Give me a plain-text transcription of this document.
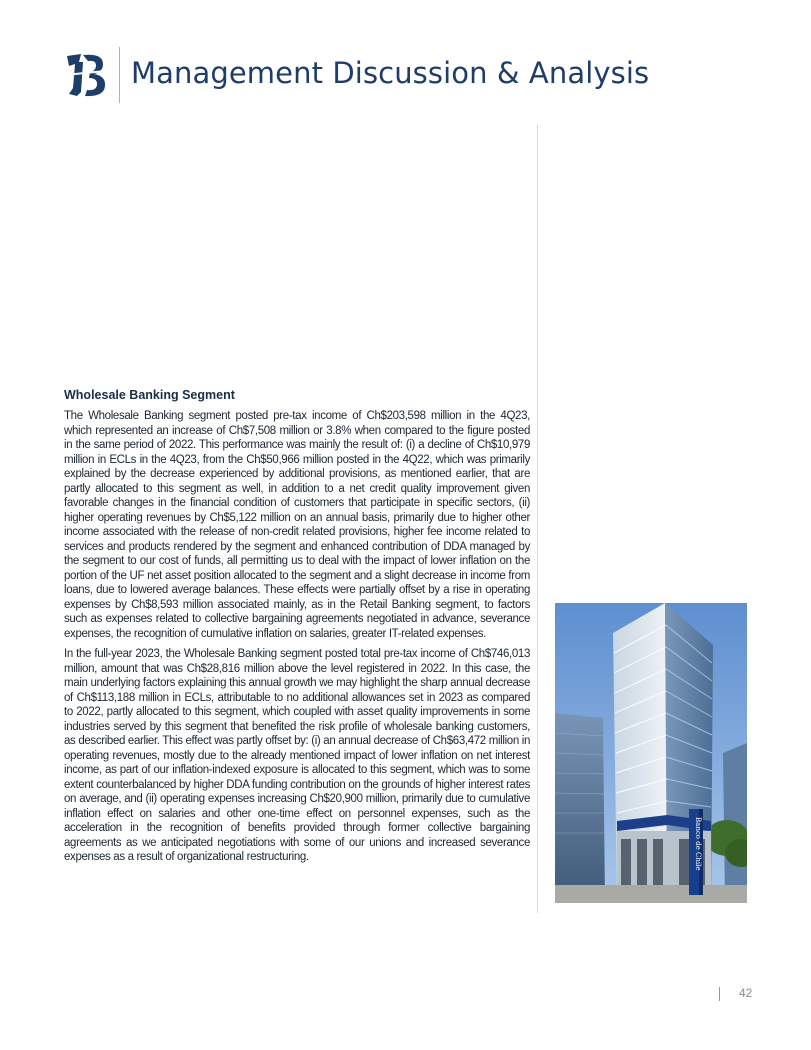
Management Discussion & Analysis
Wholesale Banking Segment

The Wholesale Banking segment posted pre-tax income of Ch$203,598 million in the 4Q23, which represented an increase of Ch$7,508 million or 3.8% when compared to the figure posted in the same period of 2022. This performance was mainly the result of: (i) a decline of Ch$10,979 million in ECLs in the 4Q23, from the Ch$50,966 million posted in the 4Q22, which was primarily explained by the decrease experienced by additional provisions, as mentioned earlier, that are partly allocated to this segment as well, in addition to a net credit quality improvement given favorable changes in the financial condition of customers that participate in specific sectors, (ii) higher operating revenues by Ch$5,122 million on an annual basis, primarily due to higher other income associated with the release of non-credit related provisions, higher fee income related to services and products rendered by the segment and enhanced contribution of DDA managed by the segment to our cost of funds, all permitting us to deal with the impact of lower inflation on the portion of the UF net asset position allocated to the segment and a slight decrease in income from loans, due to lowered average balances. These effects were partially offset by a rise in operating expenses by Ch$8,593 million associated mainly, as in the Retail Banking segment, to factors such as expenses related to collective bargaining agreements negotiated in advance, severance expenses, the recognition of cumulative inflation on salaries, greater IT-related expenses.

In the full-year 2023, the Wholesale Banking segment posted total pre-tax income of Ch$746,013 million, amount that was Ch$28,816 million above the level registered in 2022. In this case, the main underlying factors explaining this annual growth we may highlight the sharp annual decrease of Ch$113,188 million in ECLs, attributable to no additional allowances set in 2023 as compared to 2022, partly allocated to this segment, which coupled with asset quality improvements in some industries served by this segment that benefited the risk profile of wholesale banking customers, as described earlier. This effect was partly offset by: (i) an annual decrease of Ch$63,472 million in operating revenues, mostly due to the already mentioned impact of lower inflation on net interest income, as part of our inflation-indexed exposure is allocated to this segment, which was to some extent counterbalanced by higher DDA funding contribution on the grounds of higher interest rates on average, and (ii) operating expenses increasing Ch$20,900 million, primarily due to cumulative inflation effect on salaries and other one-time effect on personnel expenses, such as the acceleration in the recognition of benefits provided through former collective bargaining agreements as we anticipated negotiations with some of our unions and increased severance expenses as a result of organizational restructuring.	Banco de Chile
42
